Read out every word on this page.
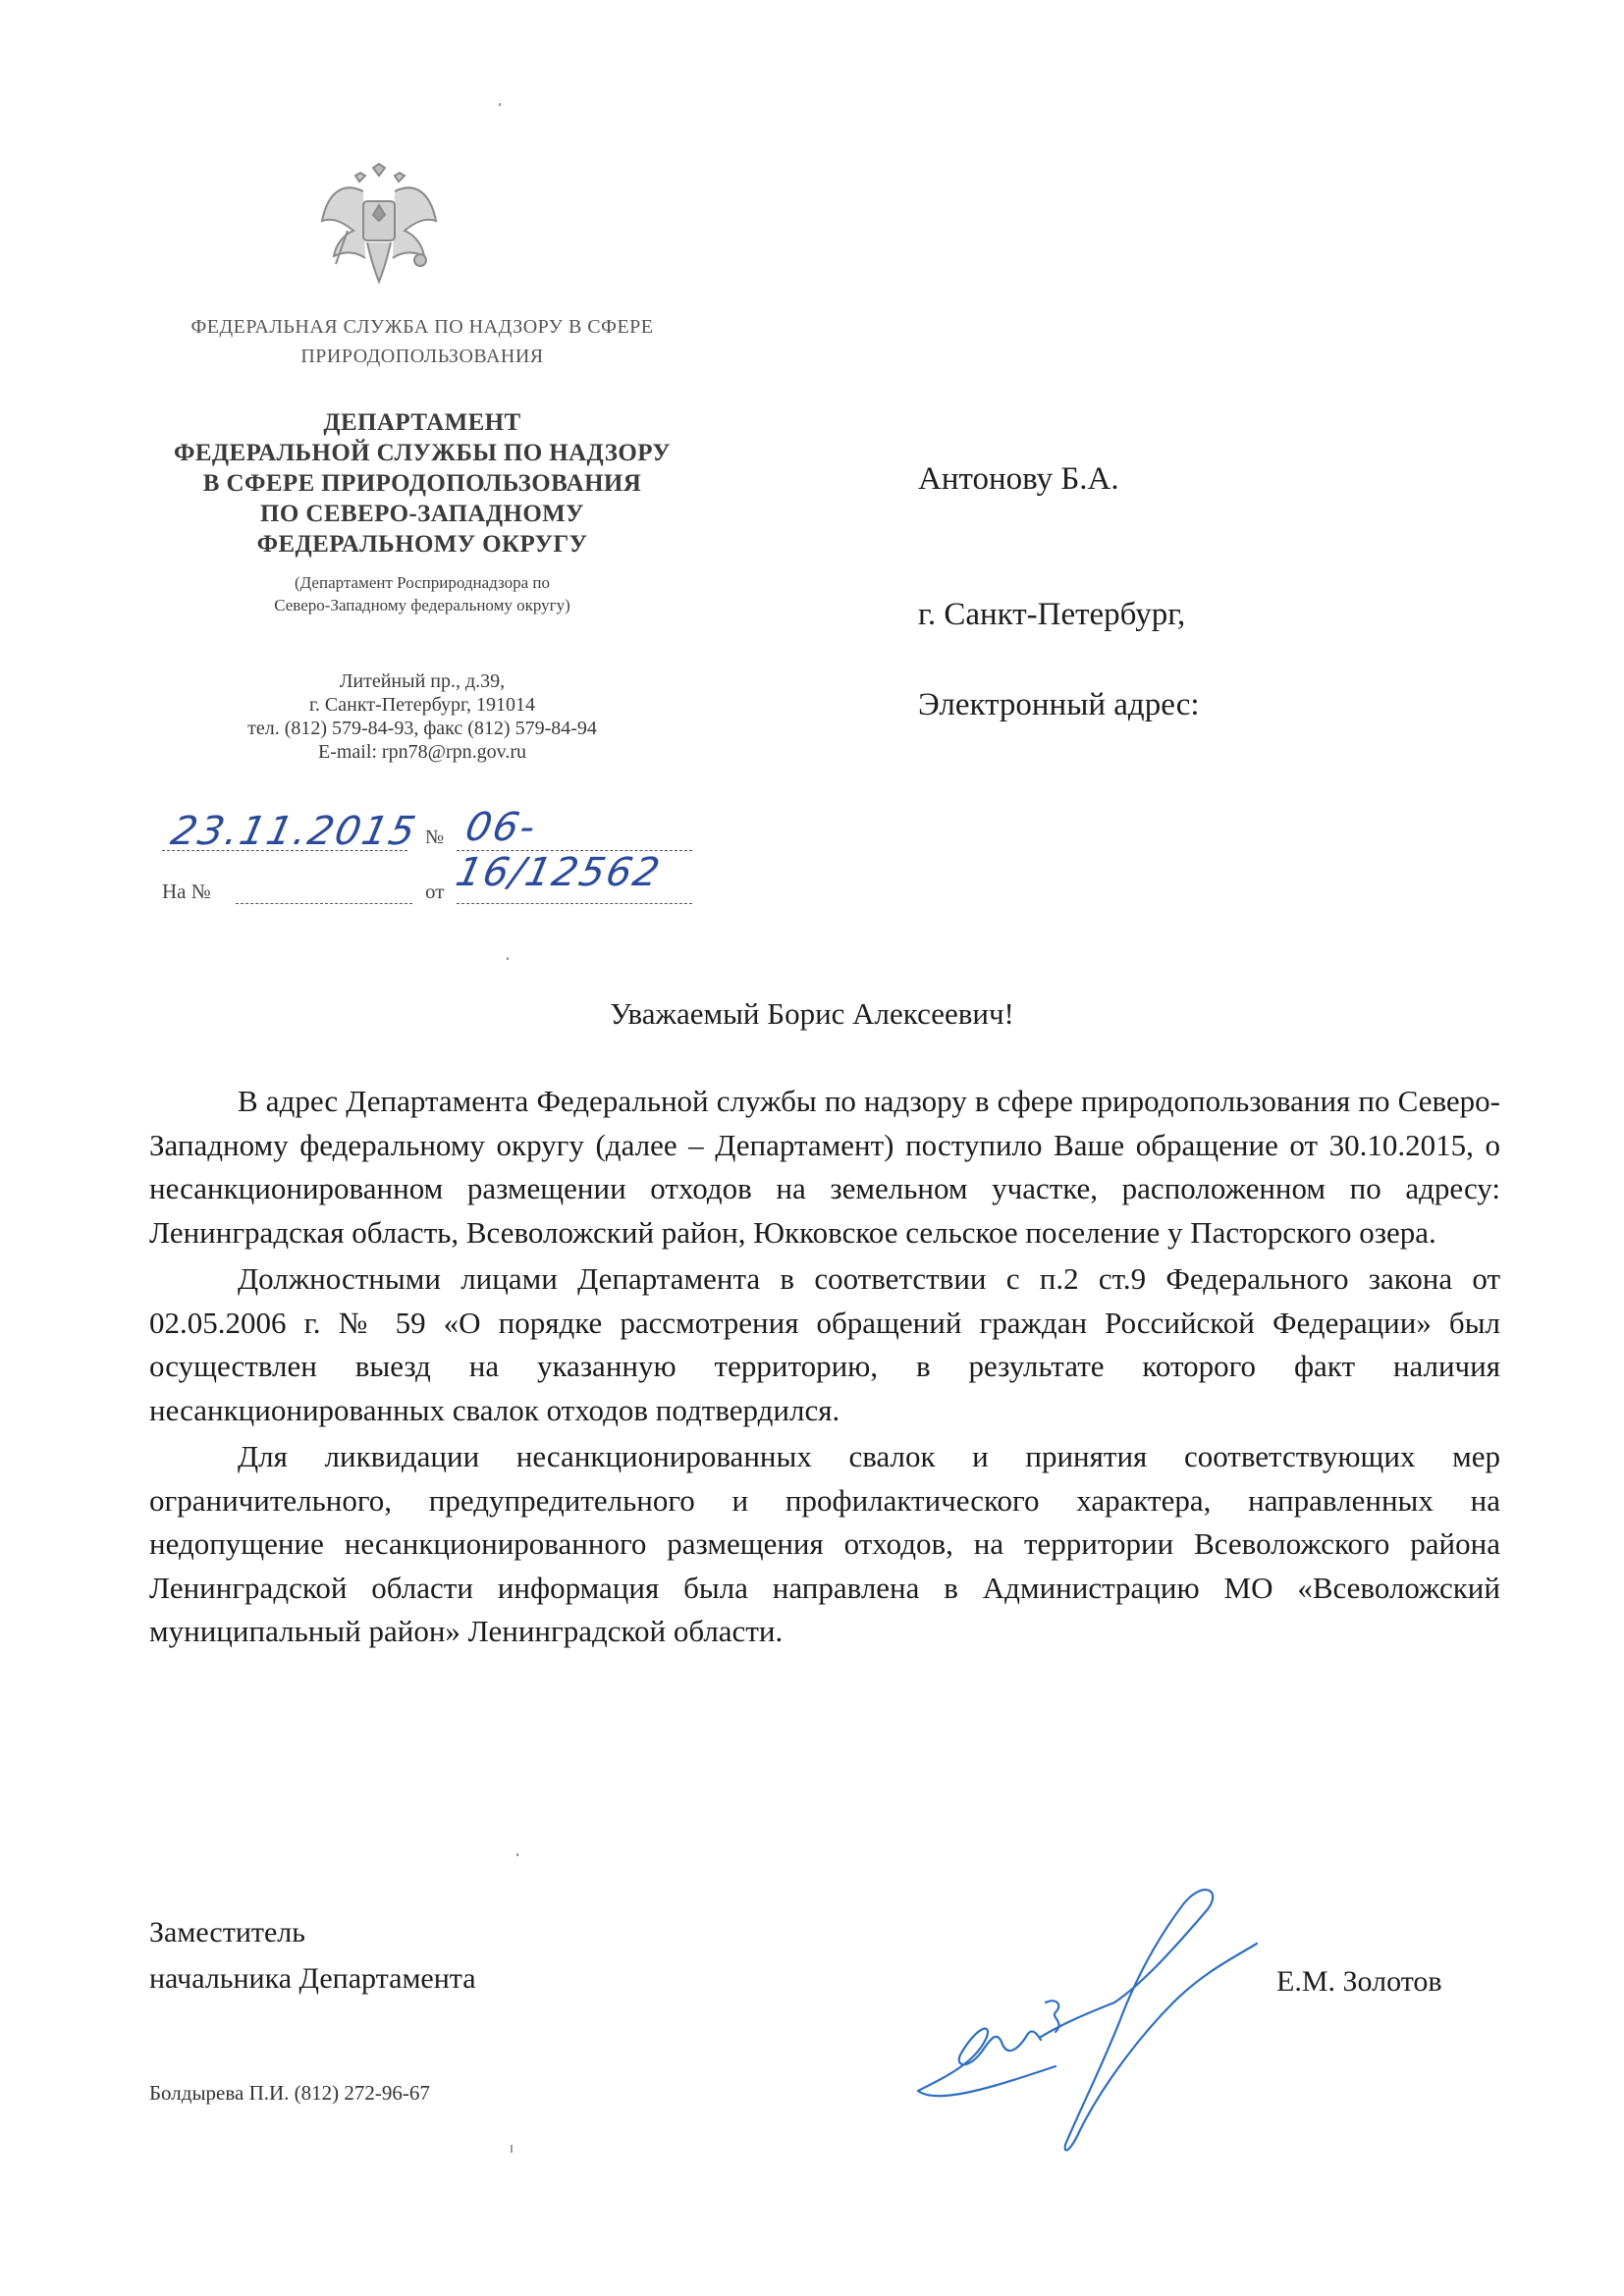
ФЕДЕРАЛЬНАЯ СЛУЖБА ПО НАДЗОРУ В СФЕРЕ
ПРИРОДОПОЛЬЗОВАНИЯ
ДЕПАРТАМЕНТ
ФЕДЕРАЛЬНОЙ СЛУЖБЫ ПО НАДЗОРУ
В СФЕРЕ ПРИРОДОПОЛЬЗОВАНИЯ
ПО СЕВЕРО-ЗАПАДНОМУ
ФЕДЕРАЛЬНОМУ ОКРУГУ
(Департамент Росприроднадзора по
Северо-Западному федеральному округу)
Литейный пр., д.39,
г. Санкт-Петербург, 191014
тел. (812) 579-84-93, факс (812) 579-84-94
E-mail: rpn78@rpn.gov.ru
23.11.2015 № 06-16/12562
На №	от
Антонову Б.А.
г. Санкт-Петербург,
Электронный адрес:
Уважаемый Борис Алексеевич!

В адрес Департамента Федеральной службы по надзору в сфере природопользования по Северо-Западному федеральному округу (далее – Департамент) поступило Ваше обращение от 30.10.2015, о несанкционированном размещении отходов на земельном участке, расположенном по адресу: Ленинградская область, Всеволожский район, Юкковское сельское поселение у Пасторского озера.

Должностными лицами Департамента в соответствии с п.2 ст.9 Федерального закона от 02.05.2006 г. № 59 «О порядке рассмотрения обращений граждан Российской Федерации» был осуществлен выезд на указанную территорию, в результате которого факт наличия несанкционированных свалок отходов подтвердился.

Для ликвидации несанкционированных свалок и принятия соответствующих мер ограничительного, предупредительного и профилактического характера, направленных на недопущение несанкционированного размещения отходов, на территории Всеволожского района Ленинградской области информация была направлена в Администрацию МО «Всеволожский муниципальный район» Ленинградской области.

Заместитель
начальника Департамента	Е.М. Золотов
Болдырева П.И. (812) 272-96-67
